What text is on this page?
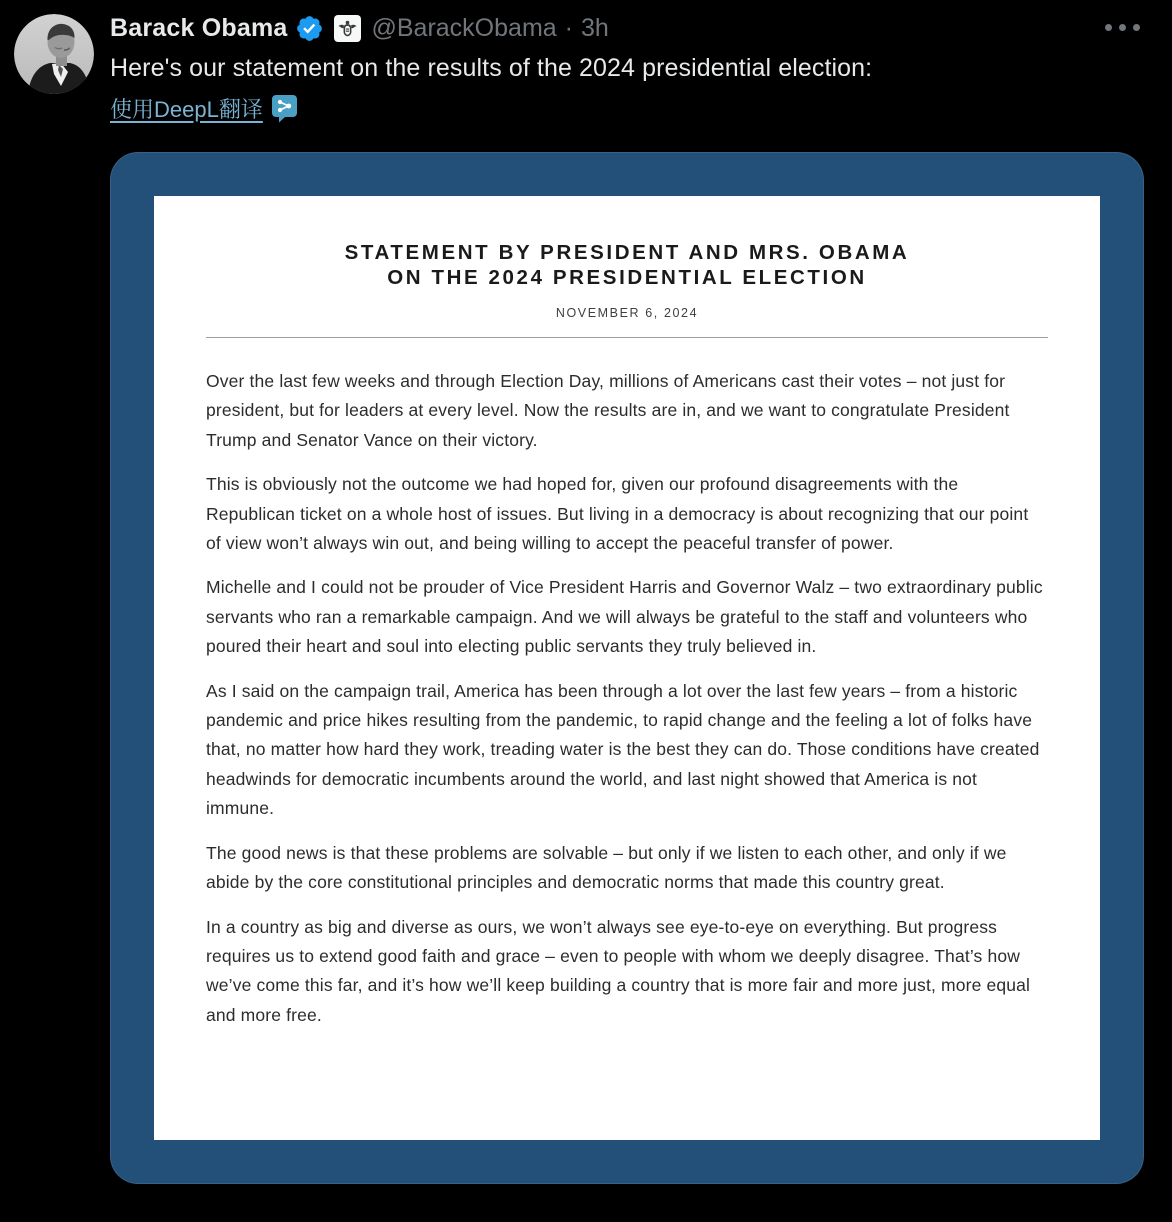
Barack Obama	@BarackObama · 3h
Here's our statement on the results of the 2024 presidential election:
使用DeepL翻译
STATEMENT BY PRESIDENT AND MRS. OBAMA
ON THE 2024 PRESIDENTIAL ELECTION
NOVEMBER 6, 2024

Over the last few weeks and through Election Day, millions of Americans cast their votes – not just for president, but for leaders at every level. Now the results are in, and we want to congratulate President Trump and Senator Vance on their victory.

This is obviously not the outcome we had hoped for, given our profound disagreements with the Republican ticket on a whole host of issues. But living in a democracy is about recognizing that our point of view won’t always win out, and being willing to accept the peaceful transfer of power.

Michelle and I could not be prouder of Vice President Harris and Governor Walz – two extraordinary public servants who ran a remarkable campaign. And we will always be grateful to the staff and volunteers who poured their heart and soul into electing public servants they truly believed in.

As I said on the campaign trail, America has been through a lot over the last few years – from a historic pandemic and price hikes resulting from the pandemic, to rapid change and the feeling a lot of folks have that, no matter how hard they work, treading water is the best they can do. Those conditions have created headwinds for democratic incumbents around the world, and last night showed that America is not immune.

The good news is that these problems are solvable – but only if we listen to each other, and only if we abide by the core constitutional principles and democratic norms that made this country great.

In a country as big and diverse as ours, we won’t always see eye-to-eye on everything. But progress requires us to extend good faith and grace – even to people with whom we deeply disagree. That’s how we’ve come this far, and it’s how we’ll keep building a country that is more fair and more just, more equal and more free.
